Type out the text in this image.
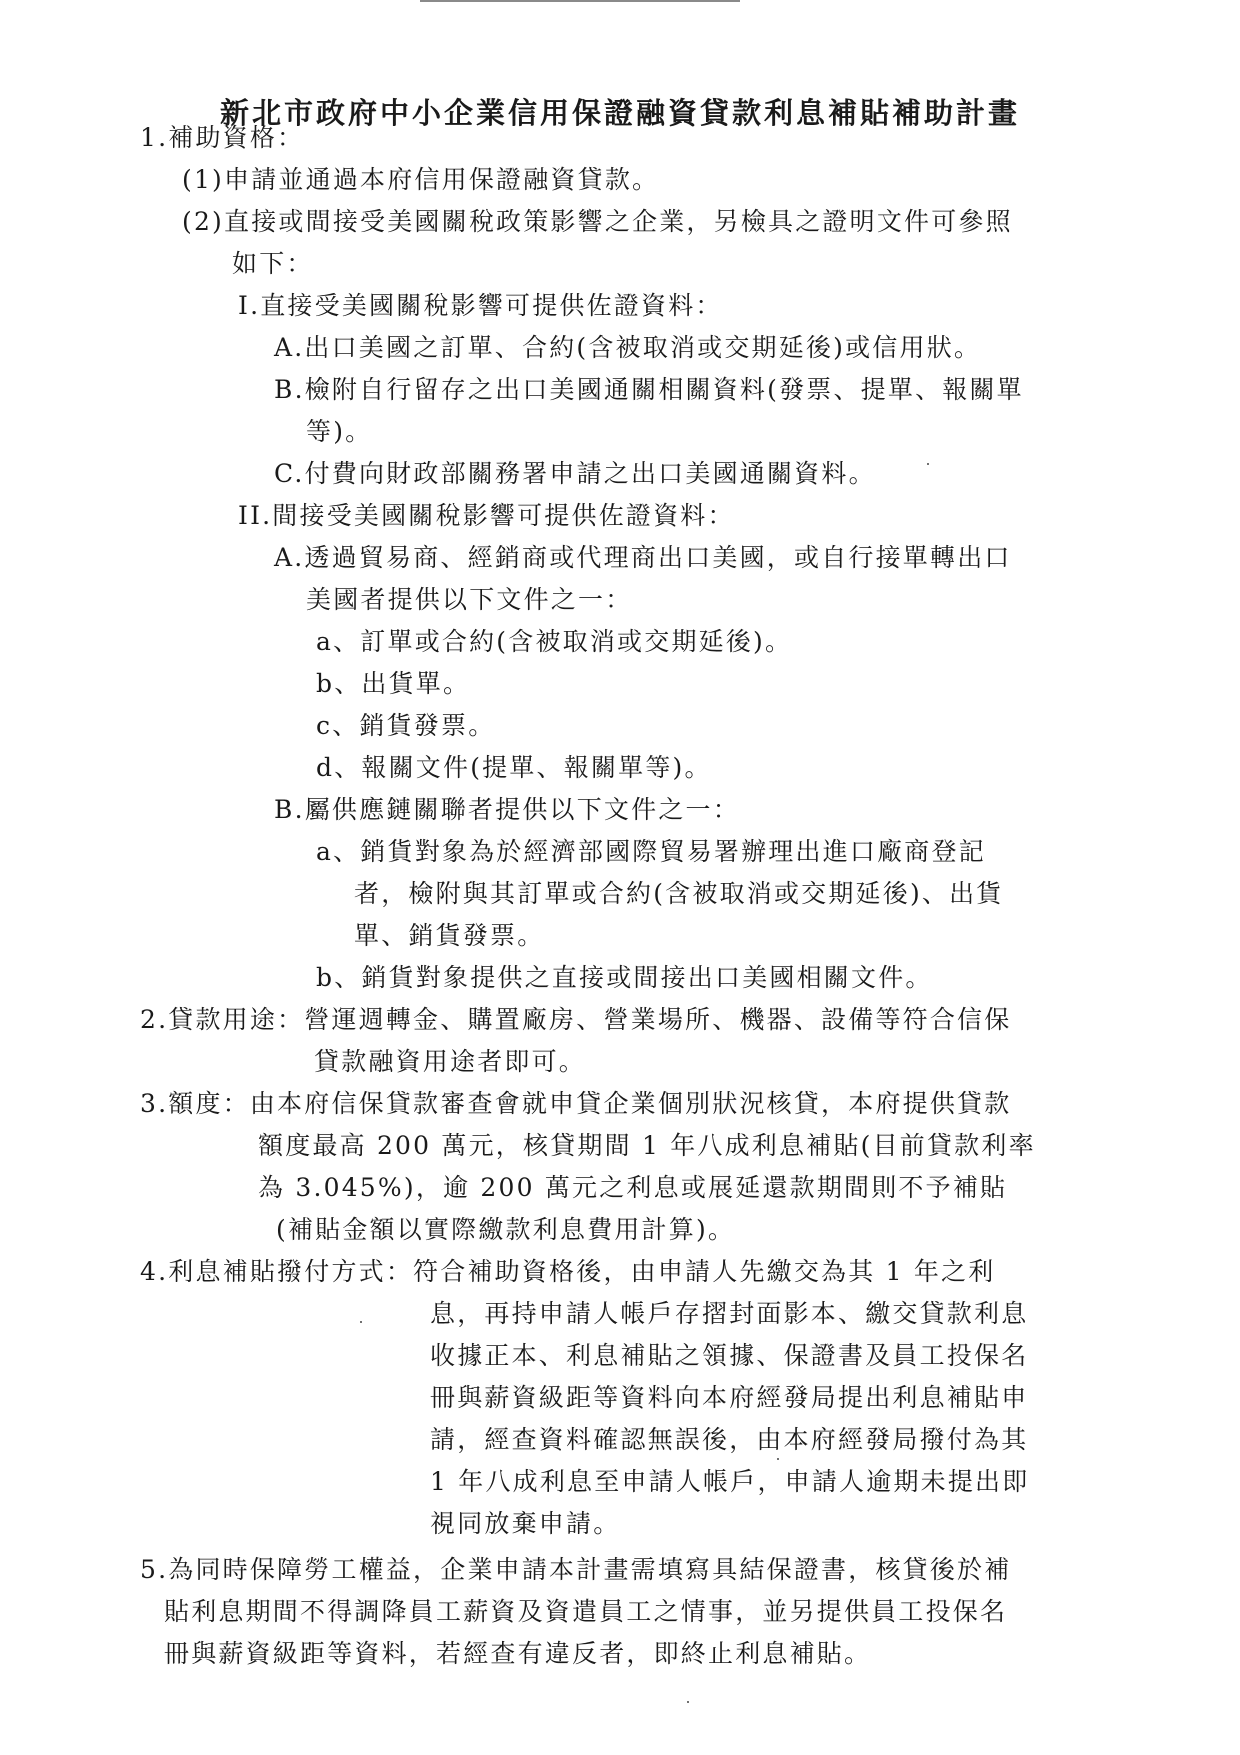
新北市政府中小企業信用保證融資貸款利息補貼補助計畫
1.補助資格：
(1)申請並通過本府信用保證融資貸款。
(2)直接或間接受美國關稅政策影響之企業，另檢具之證明文件可參照
如下：
I.直接受美國關稅影響可提供佐證資料：
A.出口美國之訂單、合約(含被取消或交期延後)或信用狀。
B.檢附自行留存之出口美國通關相關資料(發票、提單、報關單
等)。
C.付費向財政部關務署申請之出口美國通關資料。
II.間接受美國關稅影響可提供佐證資料：
A.透過貿易商、經銷商或代理商出口美國，或自行接單轉出口
美國者提供以下文件之一：
a、訂單或合約(含被取消或交期延後)。
b、出貨單。
c、銷貨發票。
d、報關文件(提單、報關單等)。
B.屬供應鏈關聯者提供以下文件之一：
a、銷貨對象為於經濟部國際貿易署辦理出進口廠商登記
者，檢附與其訂單或合約(含被取消或交期延後)、出貨
單、銷貨發票。
b、銷貨對象提供之直接或間接出口美國相關文件。
2.貸款用途：營運週轉金、購置廠房、營業場所、機器、設備等符合信保
貸款融資用途者即可。
3.額度：由本府信保貸款審查會就申貸企業個別狀況核貸，本府提供貸款
額度最高 200 萬元，核貸期間 1 年八成利息補貼(目前貸款利率
為 3.045%)，逾 200 萬元之利息或展延還款期間則不予補貼
(補貼金額以實際繳款利息費用計算)。
4.利息補貼撥付方式：符合補助資格後，由申請人先繳交為其 1 年之利
息，再持申請人帳戶存摺封面影本、繳交貸款利息
收據正本、利息補貼之領據、保證書及員工投保名
冊與薪資級距等資料向本府經發局提出利息補貼申
請，經查資料確認無誤後，由本府經發局撥付為其
1 年八成利息至申請人帳戶，申請人逾期未提出即
視同放棄申請。
5.為同時保障勞工權益，企業申請本計畫需填寫具結保證書，核貸後於補
貼利息期間不得調降員工薪資及資遣員工之情事，並另提供員工投保名
冊與薪資級距等資料，若經查有違反者，即終止利息補貼。
